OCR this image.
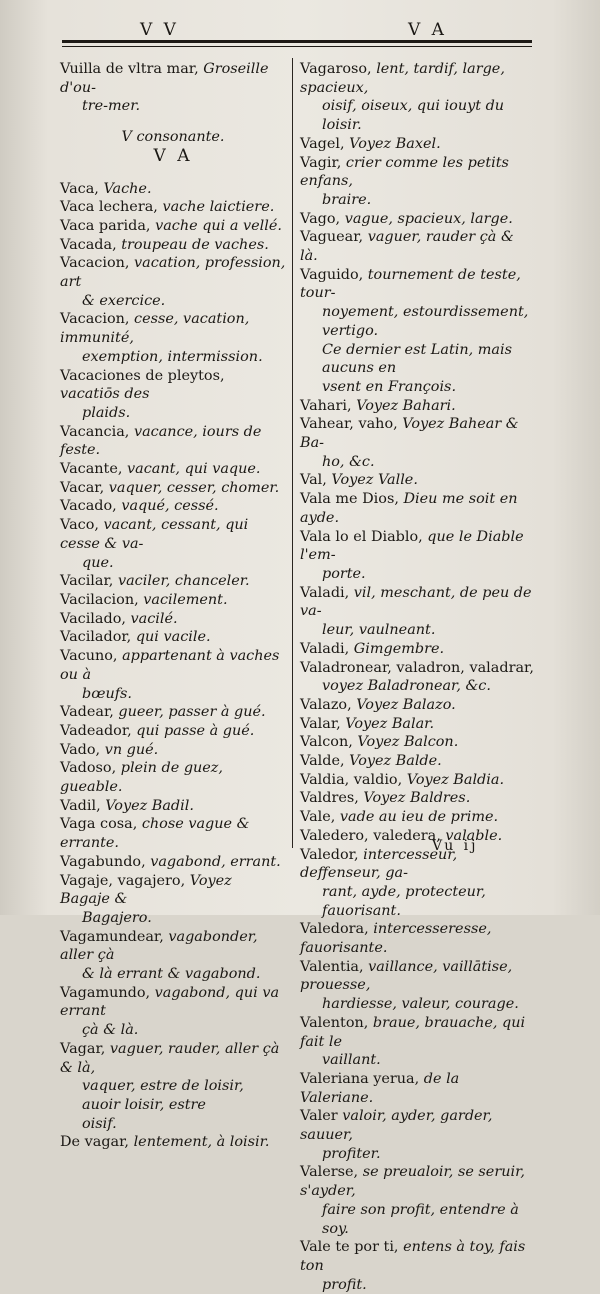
V V	V A

Vuilla de vltra mar, Groseille d'ou-

tre-mer.

V consonante.

V A

Vaca, Vache.

Vaca lechera, vache laictiere.

Vaca parida, vache qui a vellé.

Vacada, troupeau de vaches.

Vacacion, vacation, profession, art

& exercice.

Vacacion, cesse, vacation, immunité,

exemption, intermission.

Vacaciones de pleytos, vacatiōs des

plaids.

Vacancia, vacance, iours de feste.

Vacante, vacant, qui vaque.

Vacar, vaquer, cesser, chomer.

Vacado, vaqué, cessé.

Vaco, vacant, cessant, qui cesse & va-

que.

Vacilar, vaciler, chanceler.

Vacilacion, vacilement.

Vacilado, vacilé.

Vacilador, qui vacile.

Vacuno, appartenant à vaches ou à

bœufs.

Vadear, gueer, passer à gué.

Vadeador, qui passe à gué.

Vado, vn gué.

Vadoso, plein de guez, gueable.

Vadil, Voyez Badil.

Vaga cosa, chose vague & errante.

Vagabundo, vagabond, errant.

Vagaje, vagajero, Voyez Bagaje &

Bagajero.

Vagamundear, vagabonder, aller çà

& là errant & vagabond.

Vagamundo, vagabond, qui va errant

çà & là.

Vagar, vaguer, rauder, aller çà & là,

vaquer, estre de loisir, auoir loisir, estre

oisif.

De vagar, lentement, à loisir.

Vagaroso, lent, tardif, large, spacieux,

oisif, oiseux, qui iouyt du loisir.

Vagel, Voyez Baxel.

Vagir, crier comme les petits enfans,

braire.

Vago, vague, spacieux, large.

Vaguear, vaguer, rauder çà & là.

Vaguido, tournement de teste, tour-

noyement, estourdissement, vertigo.

Ce dernier est Latin, mais aucuns en

vsent en François.

Vahari, Voyez Bahari.

Vahear, vaho, Voyez Bahear & Ba-

ho, &c.

Val, Voyez Valle.

Vala me Dios, Dieu me soit en ayde.

Vala lo el Diablo, que le Diable l'em-

porte.

Valadi, vil, meschant, de peu de va-

leur, vaulneant.

Valadi, Gimgembre.

Valadronear, valadron, valadrar,

voyez Baladronear, &c.

Valazo, Voyez Balazo.

Valar, Voyez Balar.

Valcon, Voyez Balcon.

Valde, Voyez Balde.

Valdia, valdio, Voyez Baldia.

Valdres, Voyez Baldres.

Vale, vade au ieu de prime.

Valedero, valedera, valable.

Valedor, intercesseur, deffenseur, ga-

rant, ayde, protecteur, fauorisant.

Valedora, intercesseresse, fauorisante.

Valentia, vaillance, vaillātise, prouesse,

hardiesse, valeur, courage.

Valenton, braue, brauache, qui fait le

vaillant.

Valeriana yerua, de la Valeriane.

Valer valoir, ayder, garder, sauuer,

profiter.

Valerse, se preualoir, se seruir, s'ayder,

faire son profit, entendre à soy.

Vale te por ti, entens à toy, fais ton

profit.

Vu ij
